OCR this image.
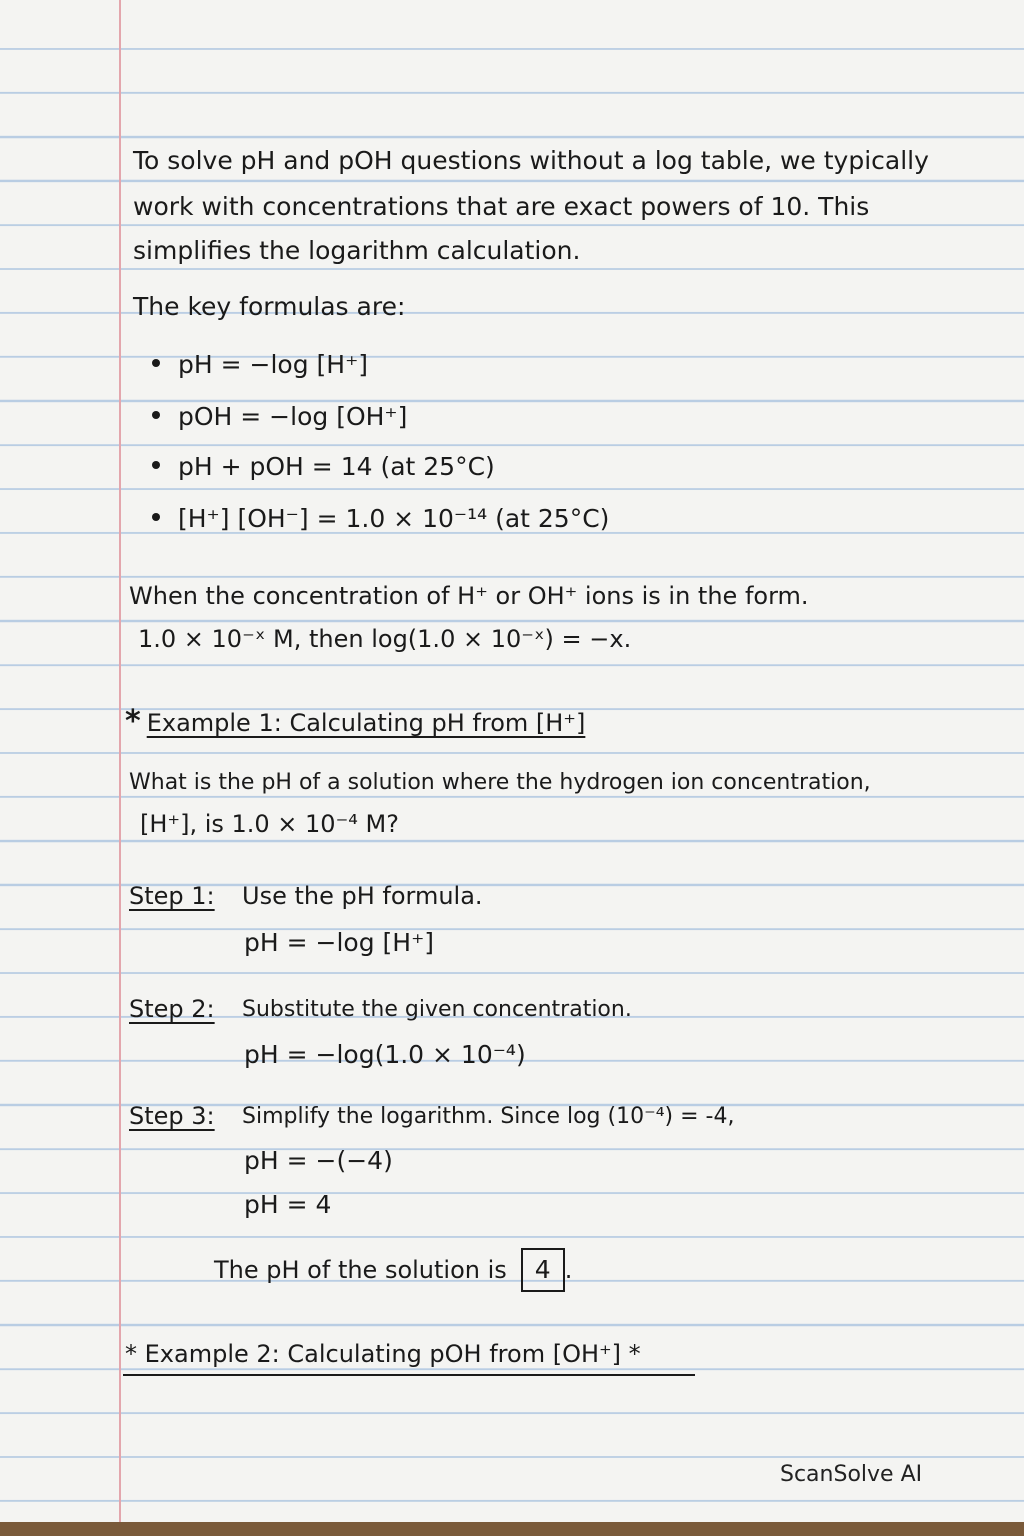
To solve pH and pOH questions without a log table, we typically
work with concentrations that are exact powers of 10. This
simplifies the logarithm calculation.
The key formulas are:
pH = −log [H⁺]
pOH = −log [OH⁺]
pH + pOH = 14 (at 25°C)
[H⁺] [OH⁻] = 1.0 × 10⁻¹⁴ (at 25°C)
When the concentration of H⁺ or OH⁺ ions is in the form.
1.0 × 10⁻ˣ M, then log(1.0 × 10⁻ˣ) = −x.
* Example 1: Calculating pH from [H⁺]
What is the pH of a solution where the hydrogen ion concentration,
[H⁺], is 1.0 × 10⁻⁴ M?
Step 1: Use the pH formula.
pH = −log [H⁺]
Step 2: Substitute the given concentration.
pH = −log(1.0 × 10⁻⁴)
Step 3: Simplify the logarithm. Since log (10⁻⁴) = -4,
pH = −(−4)
pH = 4
The pH of the solution is 4 .
* Example 2: Calculating pOH from [OH⁺] *
ScanSolve AI
